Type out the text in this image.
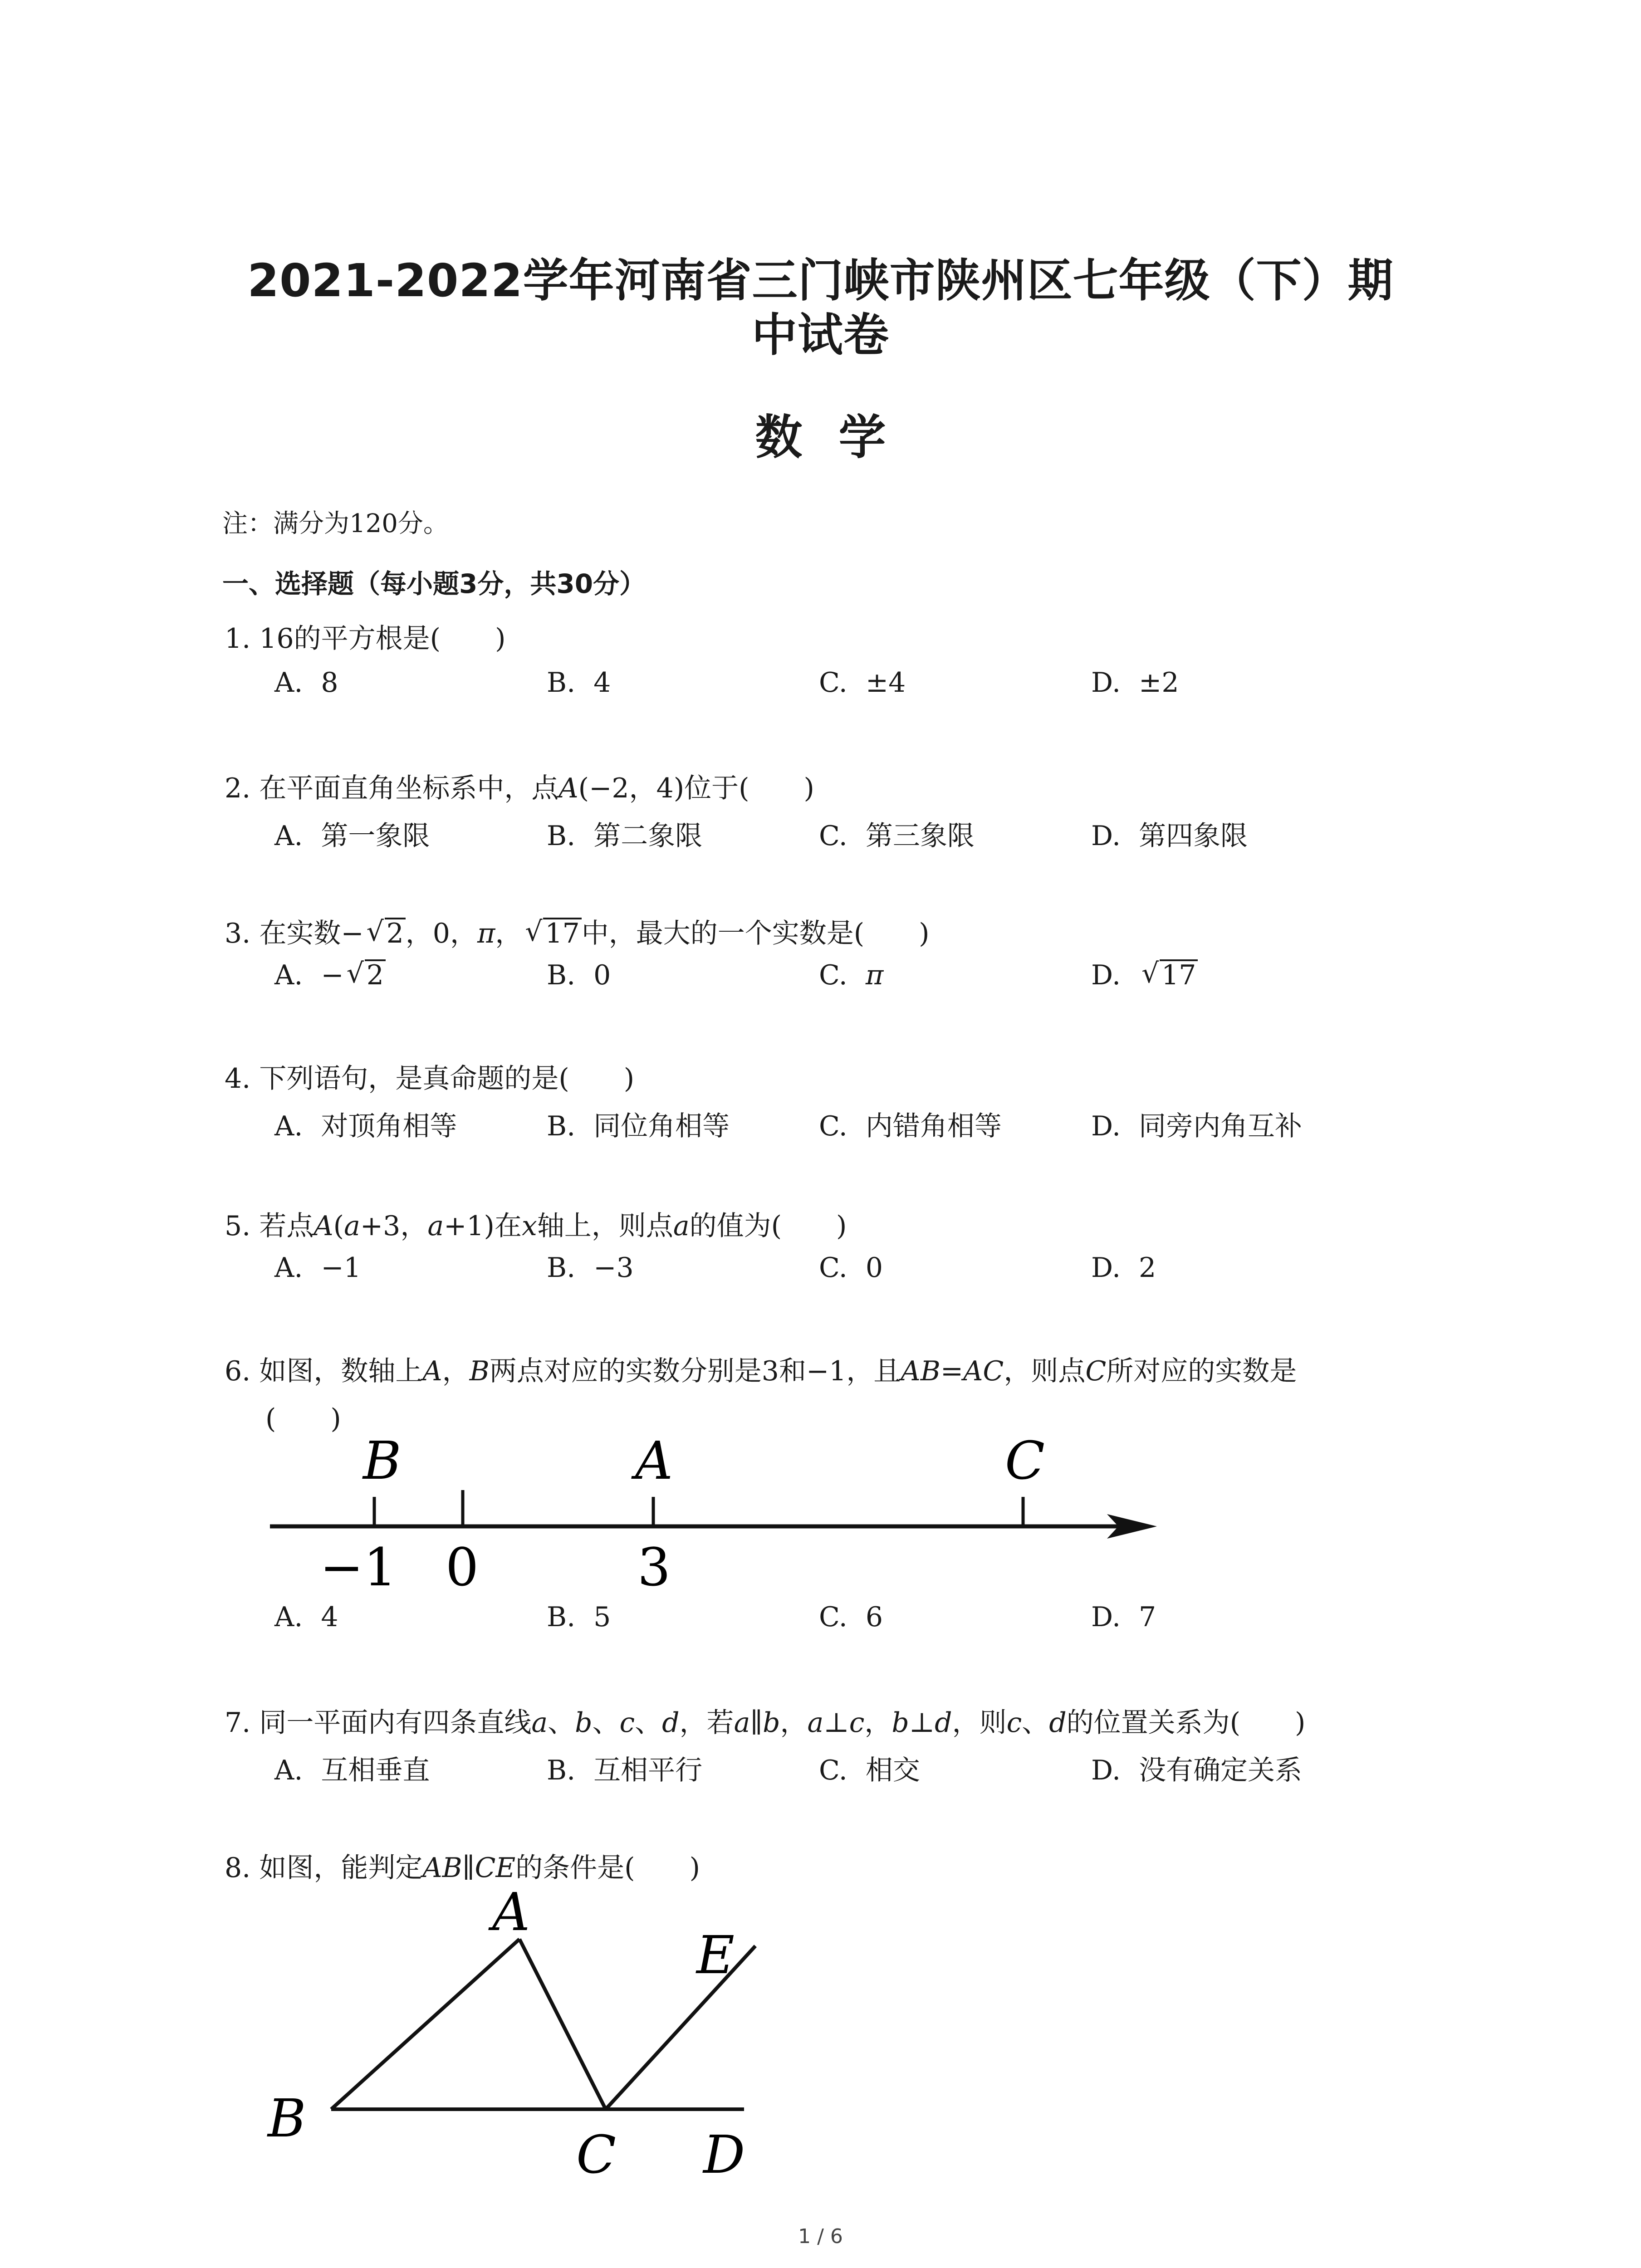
2021-2022学年河南省三门峡市陕州区七年级（下）期
中试卷
数学
注：满分为120分。
一、选择题（每小题3分，共30分）
1. 16的平方根是(　　)
A. 8	B. 4	C. ±4	D. ±2
2. 在平面直角坐标系中，点A(−2，4)位于(　　)
A. 第一象限	B. 第二象限	C. 第三象限	D. 第四象限
3. 在实数− √ 2，0，π， √ 17中，最大的一个实数是(　　)
A. − √ 2	B. 0	C. π	D. √ 17
4. 下列语句，是真命题的是(　　)
A. 对顶角相等	B. 同位角相等	C. 内错角相等	D. 同旁内角互补
5. 若点A(a+3，a+1)在x轴上，则点a的值为(　　)
A. −1	B. −3	C. 0	D. 2
6. 如图，数轴上A，B两点对应的实数分别是3和−1，且AB=AC，则点C所对应的实数是
(　　)
B	A	C
−1 0	3
A. 4	B. 5	C. 6	D. 7
7. 同一平面内有四条直线a、b、c、d，若a∥b，a⊥c，b⊥d，则c、d的位置关系为(　　)
A. 互相垂直	B. 互相平行	C. 相交	D. 没有确定关系
8. 如图，能判定AB∥CE的条件是(　　)
A
E
B
C D
1 / 6
